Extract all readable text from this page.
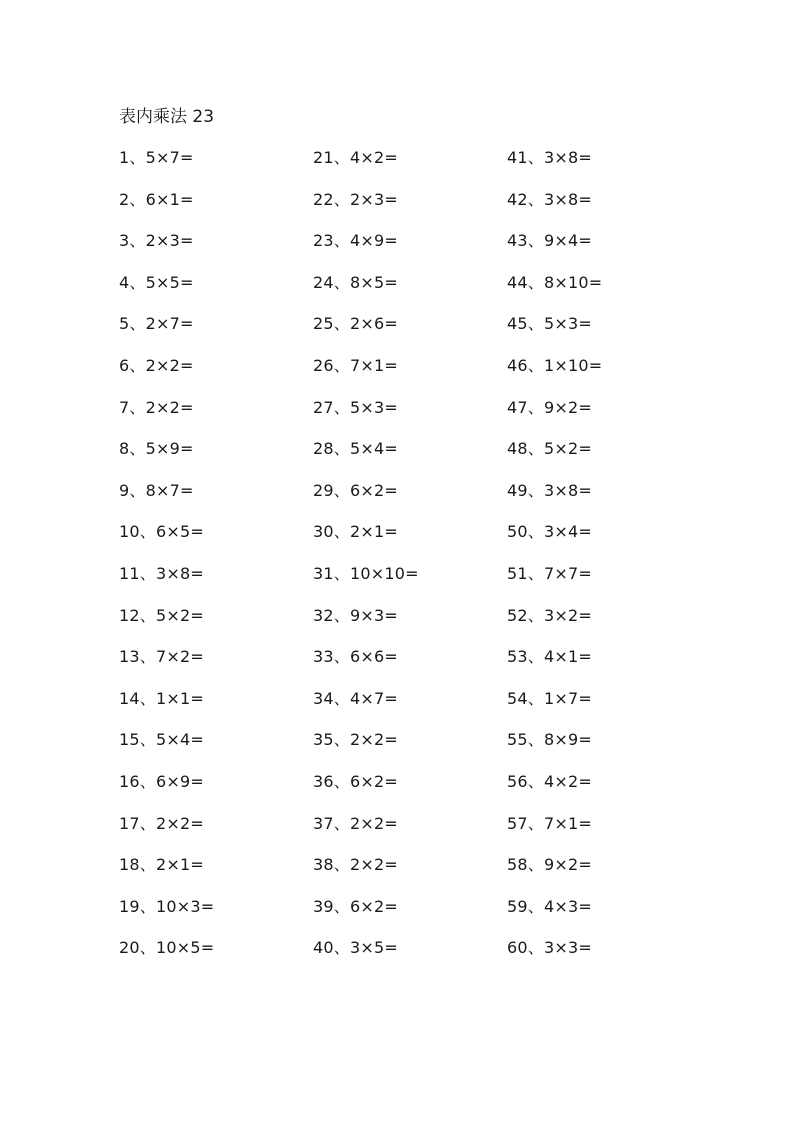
表内乘法 23
1、5×7=
2、6×1=
3、2×3=
4、5×5=
5、2×7=
6、2×2=
7、2×2=
8、5×9=
9、8×7=
10、6×5=
11、3×8=
12、5×2=
13、7×2=
14、1×1=
15、5×4=
16、6×9=
17、2×2=
18、2×1=
19、10×3=
20、10×5=
21、4×2=
22、2×3=
23、4×9=
24、8×5=
25、2×6=
26、7×1=
27、5×3=
28、5×4=
29、6×2=
30、2×1=
31、10×10=
32、9×3=
33、6×6=
34、4×7=
35、2×2=
36、6×2=
37、2×2=
38、2×2=
39、6×2=
40、3×5=
41、3×8=
42、3×8=
43、9×4=
44、8×10=
45、5×3=
46、1×10=
47、9×2=
48、5×2=
49、3×8=
50、3×4=
51、7×7=
52、3×2=
53、4×1=
54、1×7=
55、8×9=
56、4×2=
57、7×1=
58、9×2=
59、4×3=
60、3×3=
